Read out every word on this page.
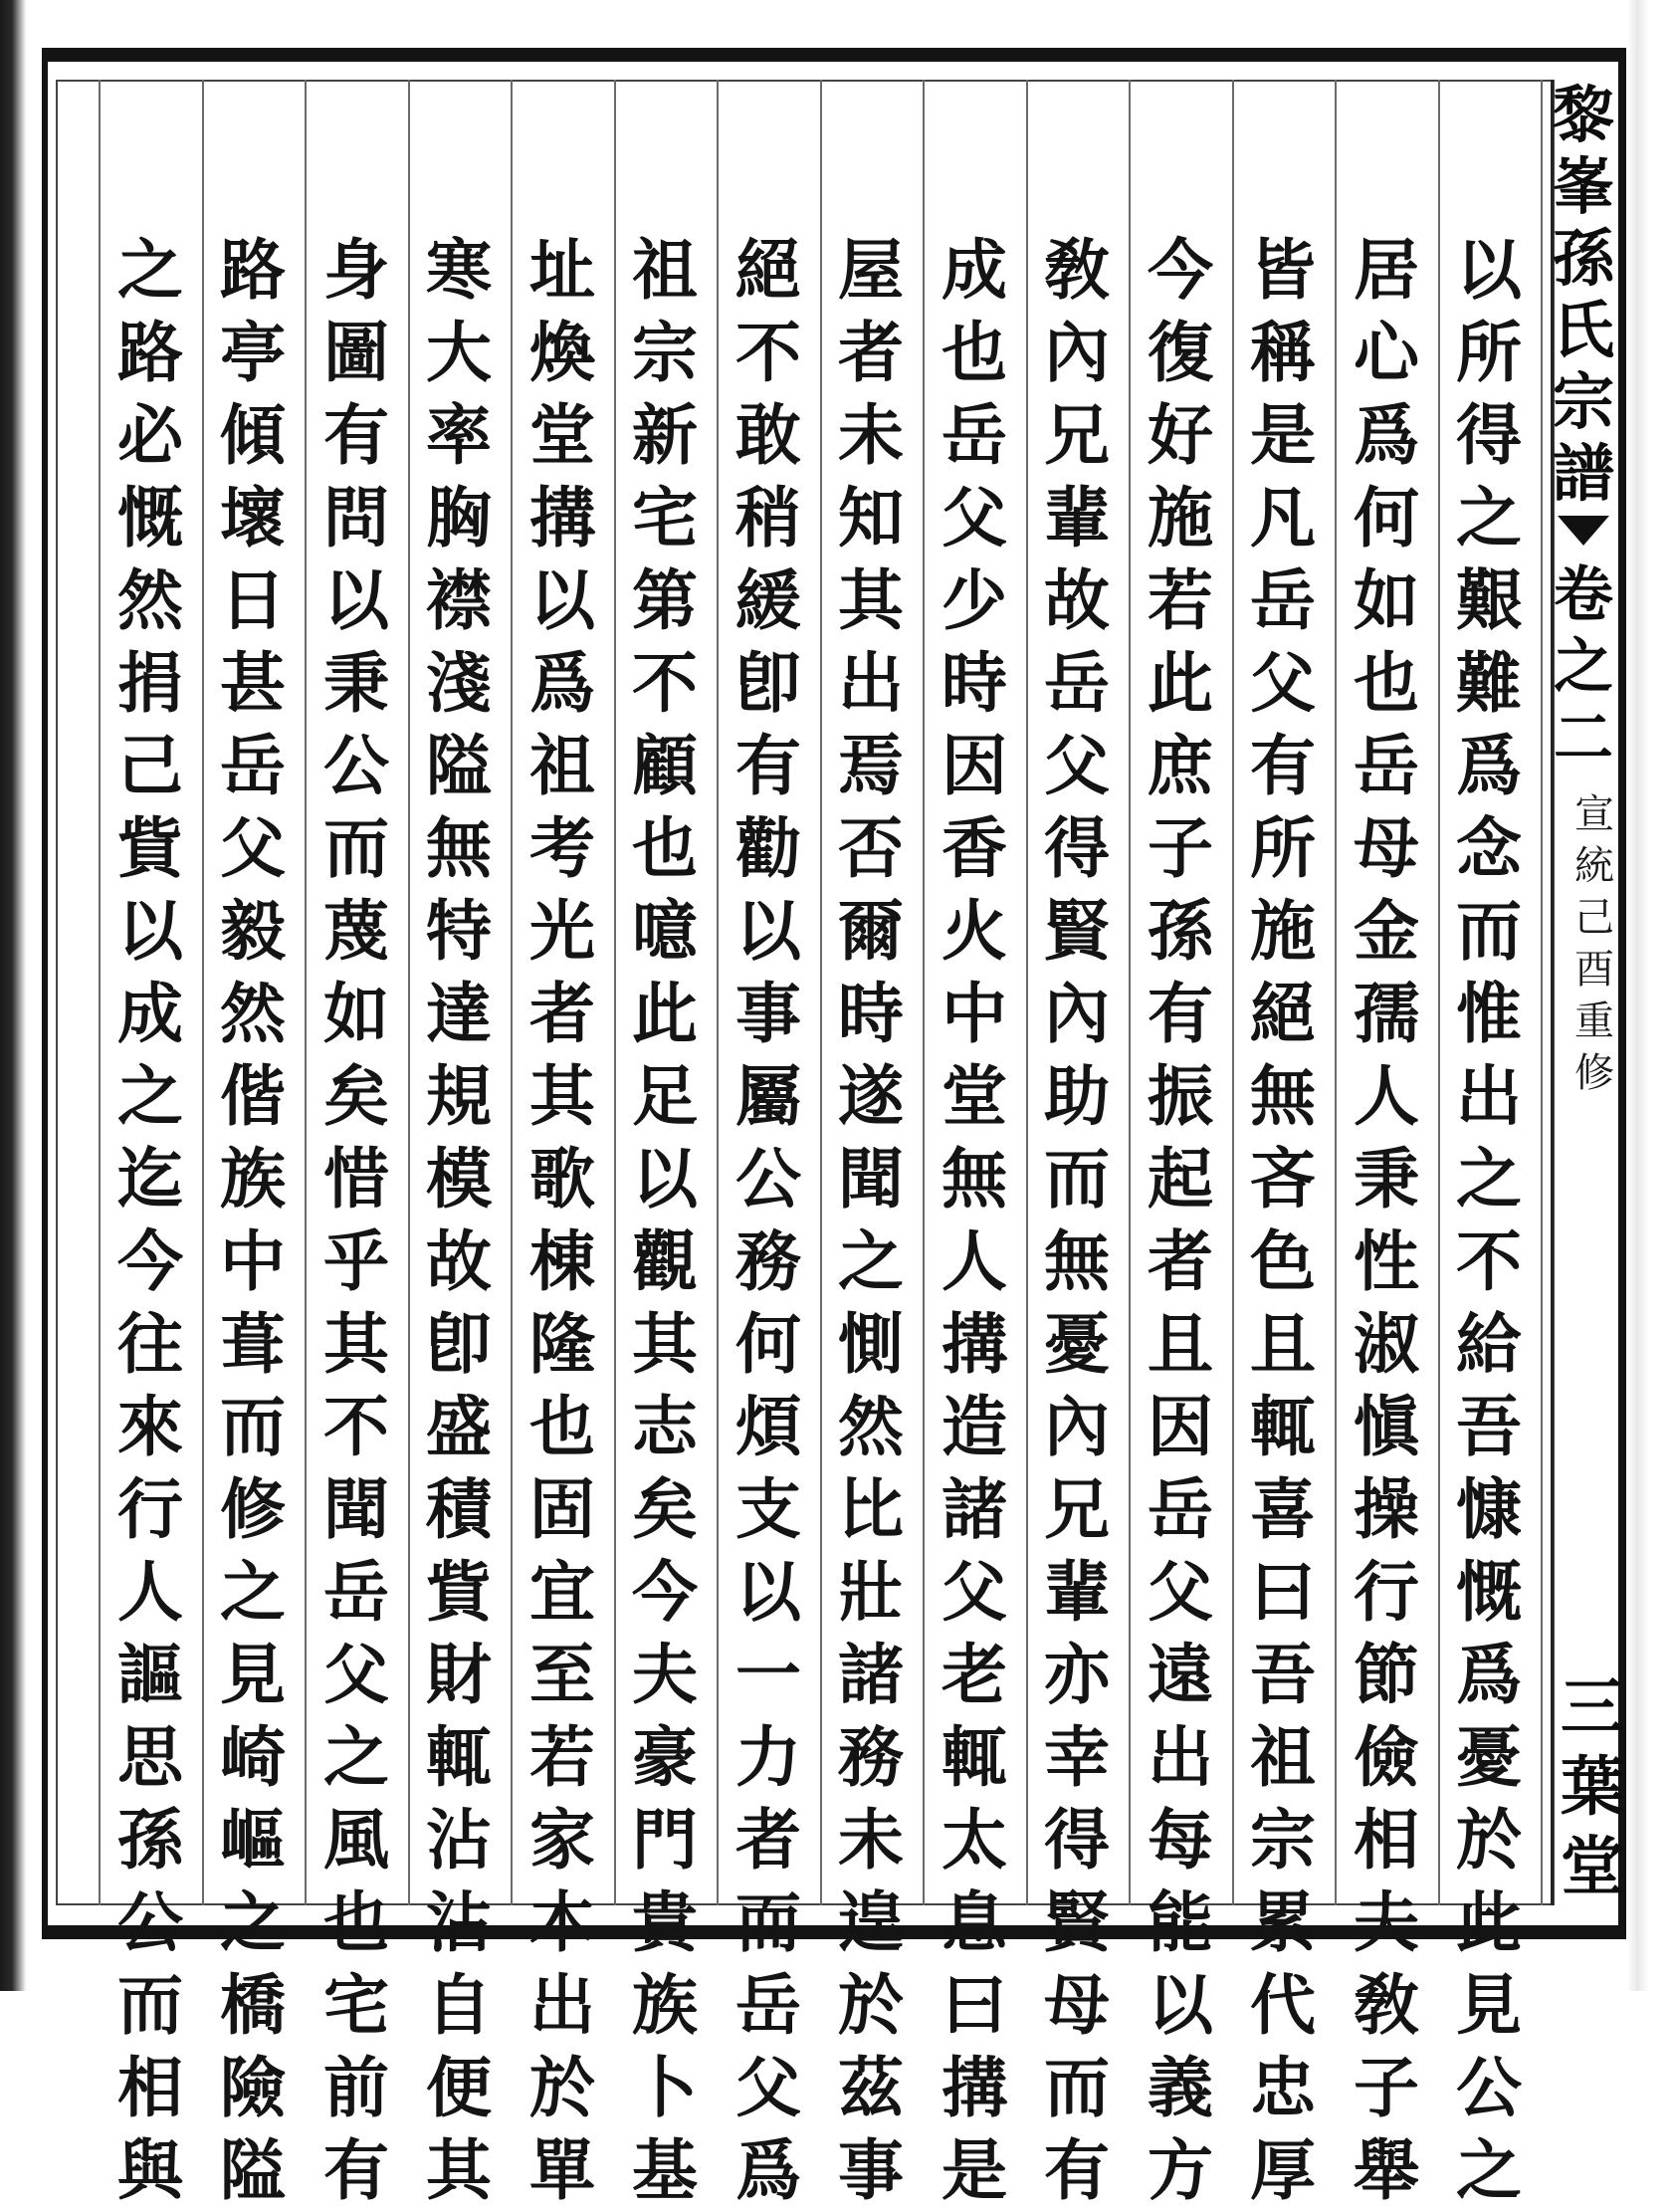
以
所
得
之
艱
難
爲
念
而
惟
出
之
不
給
吾
慷
慨
爲
憂
於
此
見
公
之
居
心
爲
何
如
也
岳
母
金
孺
人
秉
性
淑
愼
操
行
節
儉
相
夫
敎
子
舉
皆
稱
是
凡
岳
父
有
所
施
絕
無
吝
色
且
輒
喜
曰
吾
祖
宗
累
代
忠
厚
今
復
好
施
若
此
庶
子
孫
有
振
起
者
且
因
岳
父
遠
出
每
能
以
義
方
敎
內
兄
輩
故
岳
父
得
賢
內
助
而
無
憂
內
兄
輩
亦
幸
得
賢
母
而
有
成
也
岳
父
少
時
因
香
火
中
堂
無
人
搆
造
諸
父
老
輒
太
息
曰
搆
是
屋
者
未
知
其
出
焉
否
爾
時
遂
聞
之
惻
然
比
壯
諸
務
未
遑
於
茲
事
絕
不
敢
稍
緩
卽
有
勸
以
事
屬
公
務
何
煩
支
以
一
力
者
而
岳
父
爲
祖
宗
新
宅
第
不
顧
也
噫
此
足
以
觀
其
志
矣
今
夫
豪
門
貴
族
卜
基
址
煥
堂
搆
以
爲
祖
考
光
者
其
歌
棟
隆
也
固
宜
至
若
家
本
出
於
單
寒
大
率
胸
襟
淺
隘
無
特
達
規
模
故
卽
盛
積
貲
財
輒
沾
沾
自
便
其
身
圖
有
問
以
秉
公
而
蔑
如
矣
惜
乎
其
不
聞
岳
父
之
風
也
宅
前
有
路
亭
傾
壞
日
甚
岳
父
毅
然
偕
族
中
葺
而
修
之
見
崎
嶇
之
橋
險
隘
之
路
必
慨
然
捐
己
貲
以
成
之
迄
今
往
來
行
人
謳
思
孫
公
而
相
與
黎
峯
孫
氏
宗
譜
卷
之
二
宣
統
己
酉
重
修
三
葉
堂
